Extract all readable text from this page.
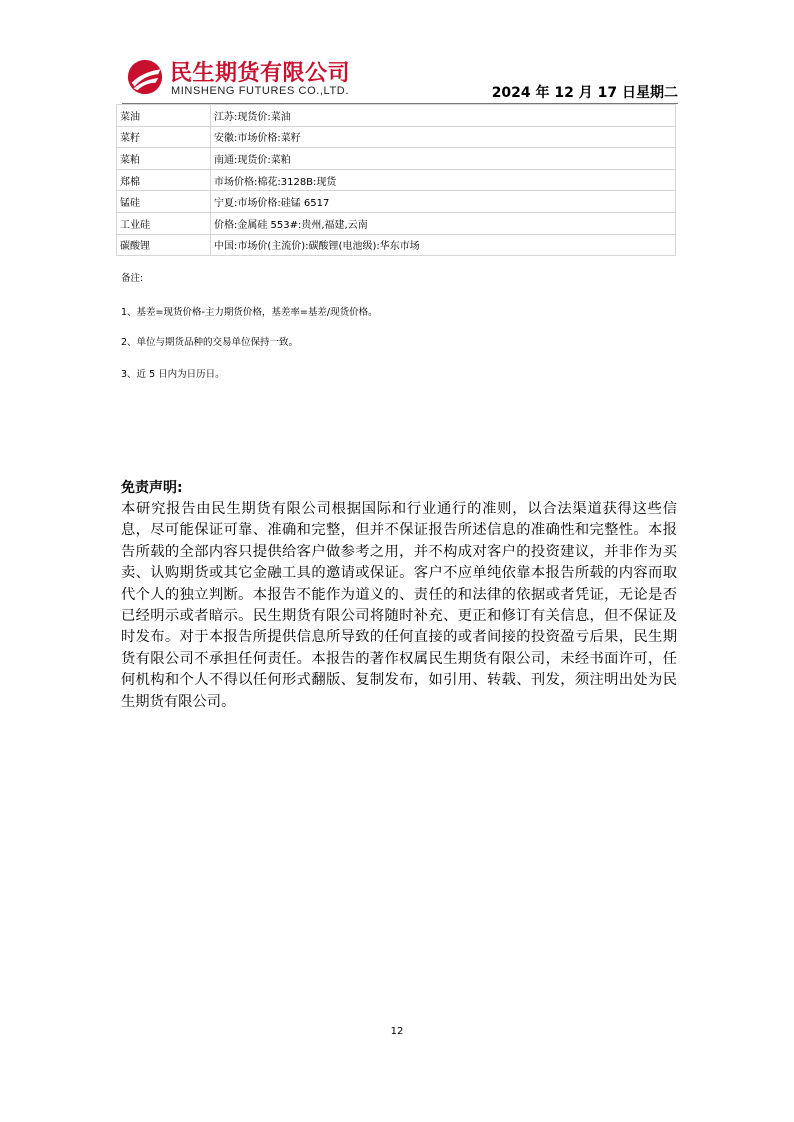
民生期货有限公司
MINSHENG FUTURES CO.,LTD.	2024 年 12 月 17 日星期二
菜油	江苏:现货价:菜油
菜籽	安徽:市场价格:菜籽
菜粕	南通:现货价:菜粕
郑棉	市场价格:棉花:3128B:现货
锰硅	宁夏:市场价格:硅锰 6517
工业硅	价格:金属硅 553#:贵州,福建,云南
碳酸锂	中国:市场价(主流价):碳酸锂(电池级):华东市场

备注:

1、基差=现货价格-主力期货价格，基差率=基差/现货价格。

2、单位与期货品种的交易单位保持一致。

3、近 5 日内为日历日。

免责声明:

本研究报告由民生期货有限公司根据国际和行业通行的准则，以合法渠道获得这些信息，尽可能保证可靠、准确和完整，但并不保证报告所述信息的准确性和完整性。本报告所载的全部内容只提供给客户做参考之用，并不构成对客户的投资建议，并非作为买卖、认购期货或其它金融工具的邀请或保证。客户不应单纯依靠本报告所载的内容而取代个人的独立判断。本报告不能作为道义的、责任的和法律的依据或者凭证，无论是否已经明示或者暗示。民生期货有限公司将随时补充、更正和修订有关信息，但不保证及时发布。对于本报告所提供信息所导致的任何直接的或者间接的投资盈亏后果，民生期货有限公司不承担任何责任。本报告的著作权属民生期货有限公司，未经书面许可，任何机构和个人不得以任何形式翻版、复制发布，如引用、转载、刊发，须注明出处为民生期货有限公司。

12
